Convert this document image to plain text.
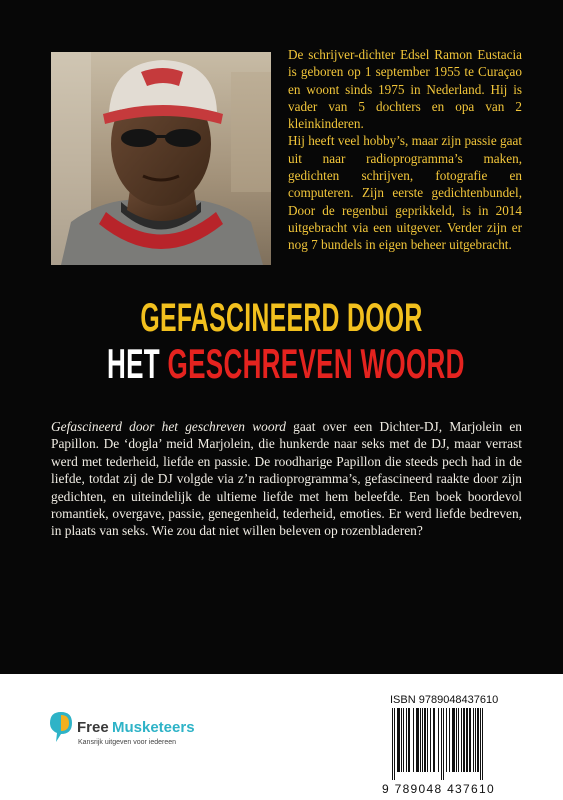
De schrijver-dichter Edsel Ramon Eustacia is geboren op 1 september 1955 te Curaçao en woont sinds 1975 in Nederland. Hij is vader van 5 dochters en opa van 2 kleinkinderen.

Hij heeft veel hobby’s, maar zijn passie gaat uit naar radioprogramma’s maken, gedichten schrijven, fotografie en computeren. Zijn eerste gedichtenbundel, Door de regenbui geprikkeld, is in 2014 uitgebracht via een uitgever. Verder zijn er nog 7 bundels in eigen beheer uitgebracht.

GEFASCINEERD DOOR
HET GESCHREVEN WOORD

Gefascineerd door het geschreven woord gaat over een Dichter-DJ, Marjolein en Papillon. De ‘dogla’ meid Marjolein, die hunkerde naar seks met de DJ, maar verrast werd met tederheid, liefde en passie. De roodharige Papillon die steeds pech had in de liefde, totdat zij de DJ volgde via z’n radioprogramma’s, gefascineerd raakte door zijn gedichten, en uiteindelijk de ultieme liefde met hem beleefde. Een boek boordevol romantiek, overgave, passie, genegenheid, tederheid, emoties. Er werd liefde bedreven, in plaats van seks. Wie zou dat niet willen beleven op rozenbladeren?

Free Musketeers
Kansrijk uitgeven voor iedereen
ISBN 9789048437610
9 789048 437610
